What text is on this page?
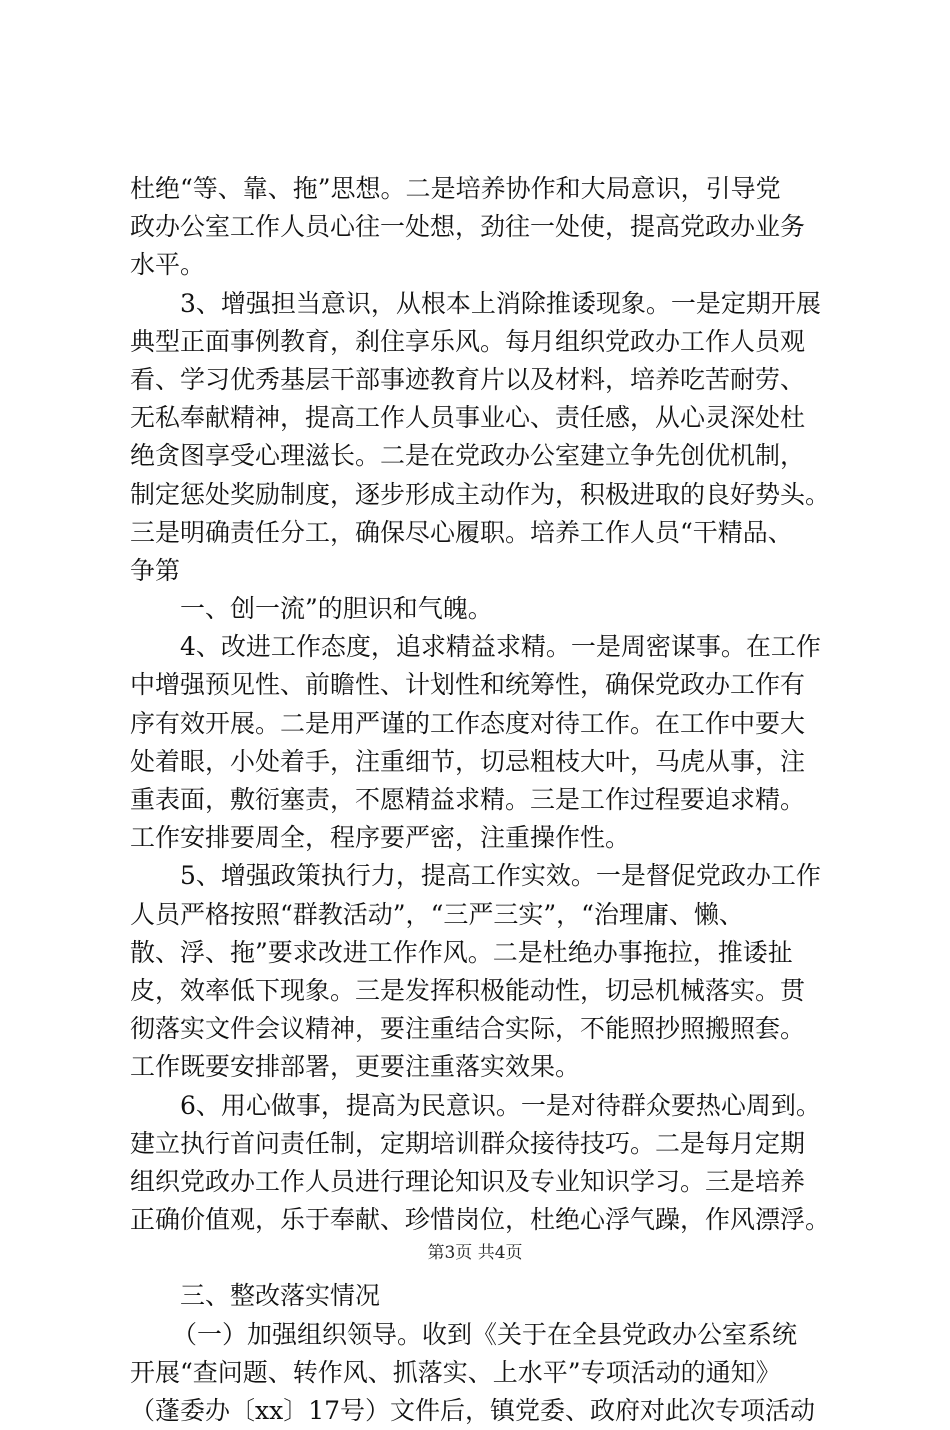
杜绝“等、靠、拖”思想。二是培养协作和大局意识，引导党
政办公室工作人员心往一处想，劲往一处使，提高党政办业务
水平。
3、增强担当意识，从根本上消除推诿现象。一是定期开展
典型正面事例教育，刹住享乐风。每月组织党政办工作人员观
看、学习优秀基层干部事迹教育片以及材料，培养吃苦耐劳、
无私奉献精神，提高工作人员事业心、责任感，从心灵深处杜
绝贪图享受心理滋长。二是在党政办公室建立争先创优机制，
制定惩处奖励制度，逐步形成主动作为，积极进取的良好势头。
三是明确责任分工，确保尽心履职。培养工作人员“干精品、
争第
一、创一流”的胆识和气魄。
4、改进工作态度，追求精益求精。一是周密谋事。在工作
中增强预见性、前瞻性、计划性和统筹性，确保党政办工作有
序有效开展。二是用严谨的工作态度对待工作。在工作中要大
处着眼，小处着手，注重细节，切忌粗枝大叶，马虎从事，注
重表面，敷衍塞责，不愿精益求精。三是工作过程要追求精。
工作安排要周全，程序要严密，注重操作性。
5、增强政策执行力，提高工作实效。一是督促党政办工作
人员严格按照“群教活动”，“三严三实”，“治理庸、懒、
散、浮、拖”要求改进工作作风。二是杜绝办事拖拉，推诿扯
皮，效率低下现象。三是发挥积极能动性，切忌机械落实。贯
彻落实文件会议精神，要注重结合实际，不能照抄照搬照套。
工作既要安排部署，更要注重落实效果。
6、用心做事，提高为民意识。一是对待群众要热心周到。
建立执行首问责任制，定期培训群众接待技巧。二是每月定期
组织党政办工作人员进行理论知识及专业知识学习。三是培养
正确价值观，乐于奉献、珍惜岗位，杜绝心浮气躁，作风漂浮。
三、整改落实情况
（一）加强组织领导。收到《关于在全县党政办公室系统
开展“查问题、转作风、抓落实、上水平”专项活动的通知》
（蓬委办〔xx〕17号）文件后，镇党委、政府对此次专项活动
第3页 共4页
